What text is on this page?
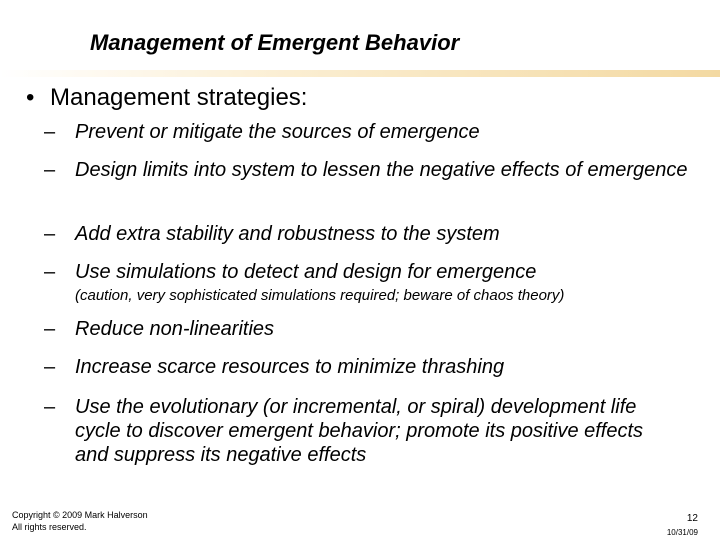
Management of Emergent Behavior
• Management strategies:
– Prevent or mitigate the sources of emergence
– Design limits into system to lessen the negative effects of emergence
– Add extra stability and robustness to the system
– Use simulations to detect and design for emergence
(caution, very sophisticated simulations required; beware of chaos theory)
– Reduce non-linearities
– Increase scarce resources to minimize thrashing
– Use the evolutionary (or incremental, or spiral) development life cycle to discover emergent behavior; promote its positive effects and suppress its negative effects
Copyright © 2009 Mark Halverson
All rights reserved.
12
10/31/09
